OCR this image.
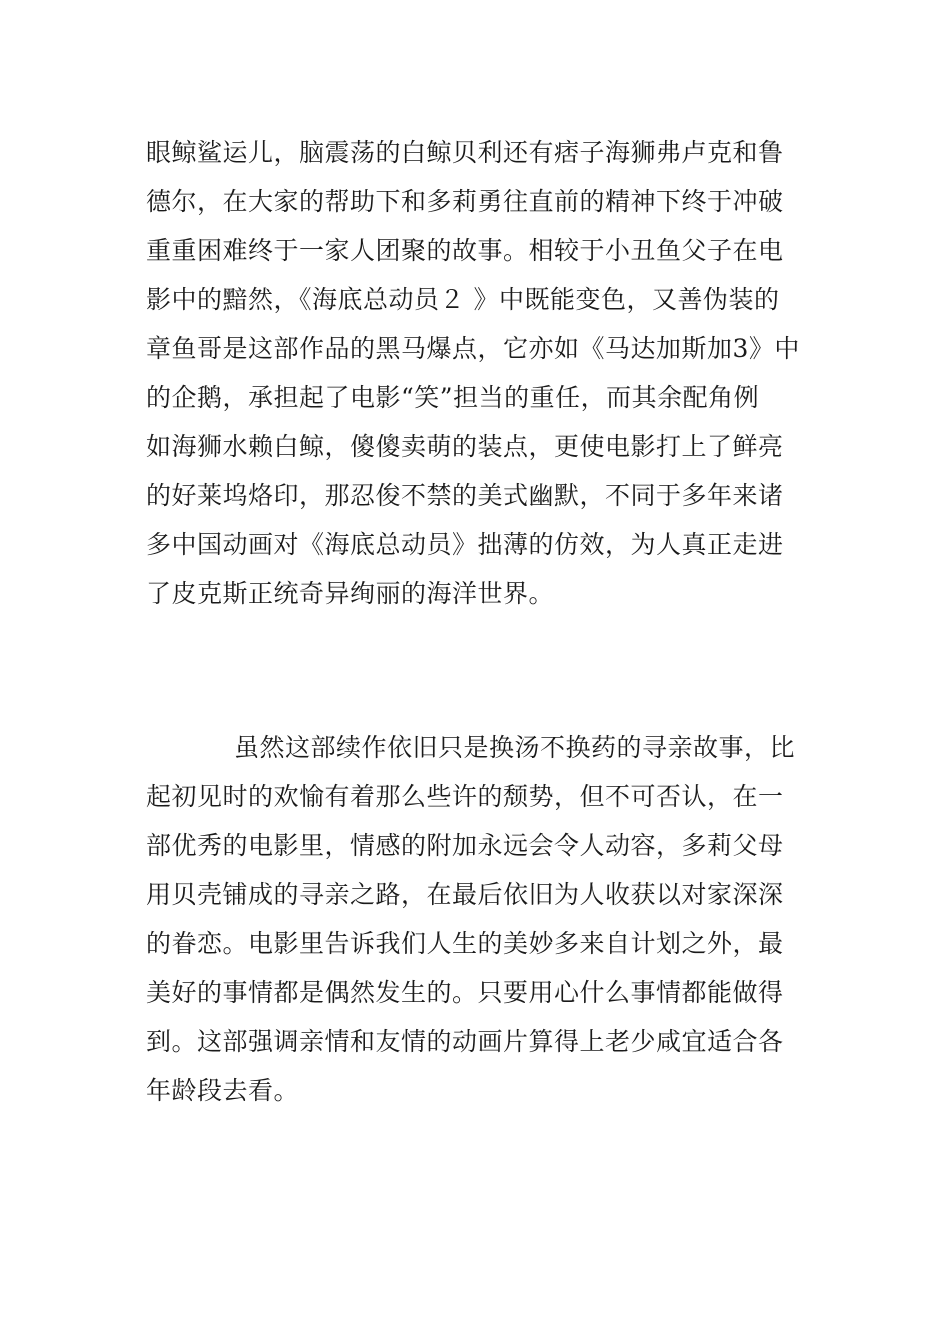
眼鲸鲨运儿，脑震荡的白鲸贝利还有痞子海狮弗卢克和鲁
德尔，在大家的帮助下和多莉勇往直前的精神下终于冲破
重重困难终于一家人团聚的故事。相较于小丑鱼父子在电
影中的黯然，《海底总动员２ 》中既能变色，又善伪装的
章鱼哥是这部作品的黑马爆点，它亦如《马达加斯加3》中
的企鹅，承担起了电影“笑”担当的重任，而其余配角例
如海狮水赖白鲸，傻傻卖萌的装点，更使电影打上了鲜亮
的好莱坞烙印，那忍俊不禁的美式幽默，不同于多年来诸
多中国动画对《海底总动员》拙薄的仿效，为人真正走进
了皮克斯正统奇异绚丽的海洋世界。
虽然这部续作依旧只是换汤不换药的寻亲故事，比
起初见时的欢愉有着那么些许的颓势，但不可否认，在一
部优秀的电影里，情感的附加永远会令人动容，多莉父母
用贝壳铺成的寻亲之路，在最后依旧为人收获以对家深深
的眷恋。电影里告诉我们人生的美妙多来自计划之外，最
美好的事情都是偶然发生的。只要用心什么事情都能做得
到。这部强调亲情和友情的动画片算得上老少咸宜适合各
年龄段去看。
